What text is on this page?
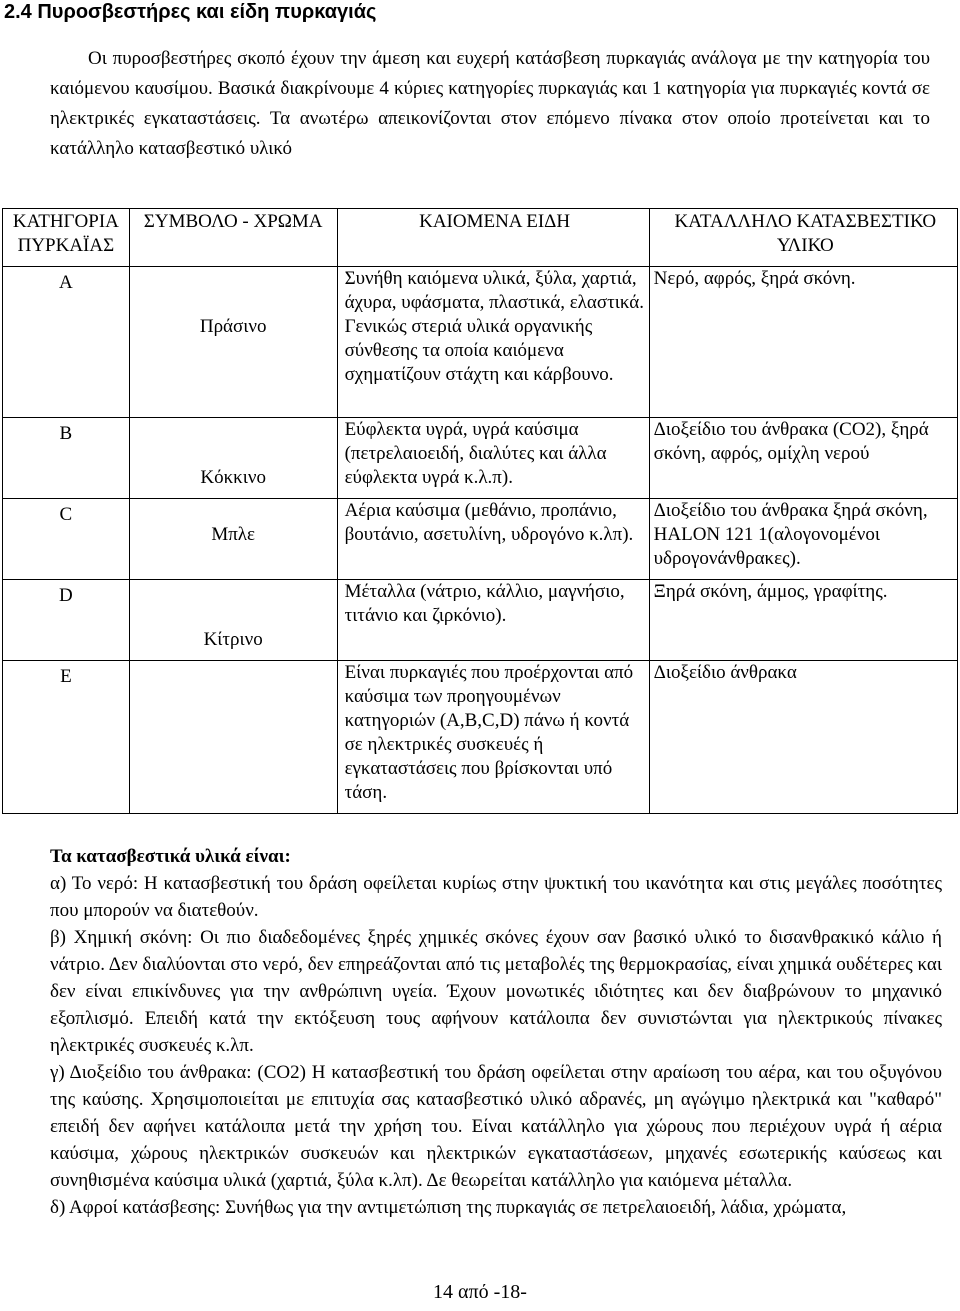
2.4 Πυροσβεστήρες και είδη πυρκαγιάς
Οι πυροσβεστήρες σκοπό έχουν την άμεση και ευχερή κατάσβεση πυρκαγιάς ανάλογα με την κατηγορία του καιόμενου καυσίμου. Βασικά διακρίνουμε 4 κύριες κατηγορίες πυρκαγιάς και 1 κατηγορία για πυρκαγιές κοντά σε ηλεκτρικές εγκαταστάσεις. Τα ανωτέρω απεικονίζονται στον επόμενο πίνακα στον οποίο προτείνεται και το κατάλληλο κατασβεστικό υλικό
ΚΑΤΗΓΟΡΙΑ ΠΥΡΚΑΪΑΣ	ΣΥΜΒΟΛΟ - ΧΡΩΜΑ	ΚΑΙΟΜΕΝΑ ΕΙΔΗ	ΚΑΤΑΛΛΗΛΟ ΚΑΤΑΣΒΕΣΤΙΚΟ ΥΛΙΚΟ

A	Πράσινο	Συνήθη καιόμενα υλικά, ξύλα, χαρτιά, άχυρα, υφάσματα, πλαστικά, ελαστικά. Γενικώς στεριά υλικά οργανικής σύνθεσης τα οποία καιόμενα σχηματίζουν στάχτη και κάρβουνο.	Νερό, αφρός, ξηρά σκόνη.

B	Κόκκινο	Εύφλεκτα υγρά, υγρά καύσιμα (πετρελαιοειδή, διαλύτες και άλλα εύφλεκτα υγρά κ.λ.π).	Διοξείδιο του άνθρακα (CO2), ξηρά σκόνη, αφρός, ομίχλη νερού

C	Μπλε	Αέρια καύσιμα (μεθάνιο, προπάνιο, βουτάνιο, ασετυλίνη, υδρογόνο κ.λπ).	Διοξείδιο του άνθρακα ξηρά σκόνη, HALON 121 1(αλογονομένοι υδρογονάνθρακες).

D	Κίτρινο	Μέταλλα (νάτριο, κάλλιο, μαγνήσιο, τιτάνιο και ζιρκόνιο).	Ξηρά σκόνη, άμμος, γραφίτης.

E		Είναι πυρκαγιές που προέρχονται από καύσιμα των προηγουμένων κατηγοριών (A,B,C,D) πάνω ή κοντά σε ηλεκτρικές συσκευές ή εγκαταστάσεις που βρίσκονται υπό τάση.	Διοξείδιο άνθρακα
Τα κατασβεστικά υλικά είναι:

α) Το νερό: Η κατασβεστική του δράση οφείλεται κυρίως στην ψυκτική του ικανότητα και στις μεγάλες ποσότητες που μπορούν να διατεθούν.

β) Χημική σκόνη: Οι πιο διαδεδομένες ξηρές χημικές σκόνες έχουν σαν βασικό υλικό το δισανθρακικό κάλιο ή νάτριο. Δεν διαλύονται στο νερό, δεν επηρεάζονται από τις μεταβολές της θερμοκρασίας, είναι χημικά ουδέτερες και δεν είναι επικίνδυνες για την ανθρώπινη υγεία. Έχουν μονωτικές ιδιότητες και δεν διαβρώνουν το μηχανικό εξοπλισμό. Επειδή κατά την εκτόξευση τους αφήνουν κατάλοιπα δεν συνιστώνται για ηλεκτρικούς πίνακες ηλεκτρικές συσκευές κ.λπ.

γ) Διοξείδιο του άνθρακα: (CO2) Η κατασβεστική του δράση οφείλεται στην αραίωση του αέρα, και του οξυγόνου της καύσης. Χρησιμοποιείται με επιτυχία σας κατασβεστικό υλικό αδρανές, μη αγώγιμο ηλεκτρικά και "καθαρό" επειδή δεν αφήνει κατάλοιπα μετά την χρήση του. Είναι κατάλληλο για χώρους που περιέχουν υγρά ή αέρια καύσιμα, χώρους ηλεκτρικών συσκευών και ηλεκτρικών εγκαταστάσεων, μηχανές εσωτερικής καύσεως και συνηθισμένα καύσιμα υλικά (χαρτιά, ξύλα κ.λπ). Δε θεωρείται κατάλληλο για καιόμενα μέταλλα.

δ) Αφροί κατάσβεσης: Συνήθως για την αντιμετώπιση της πυρκαγιάς σε πετρελαιοειδή, λάδια, χρώματα,

14 από -18-
